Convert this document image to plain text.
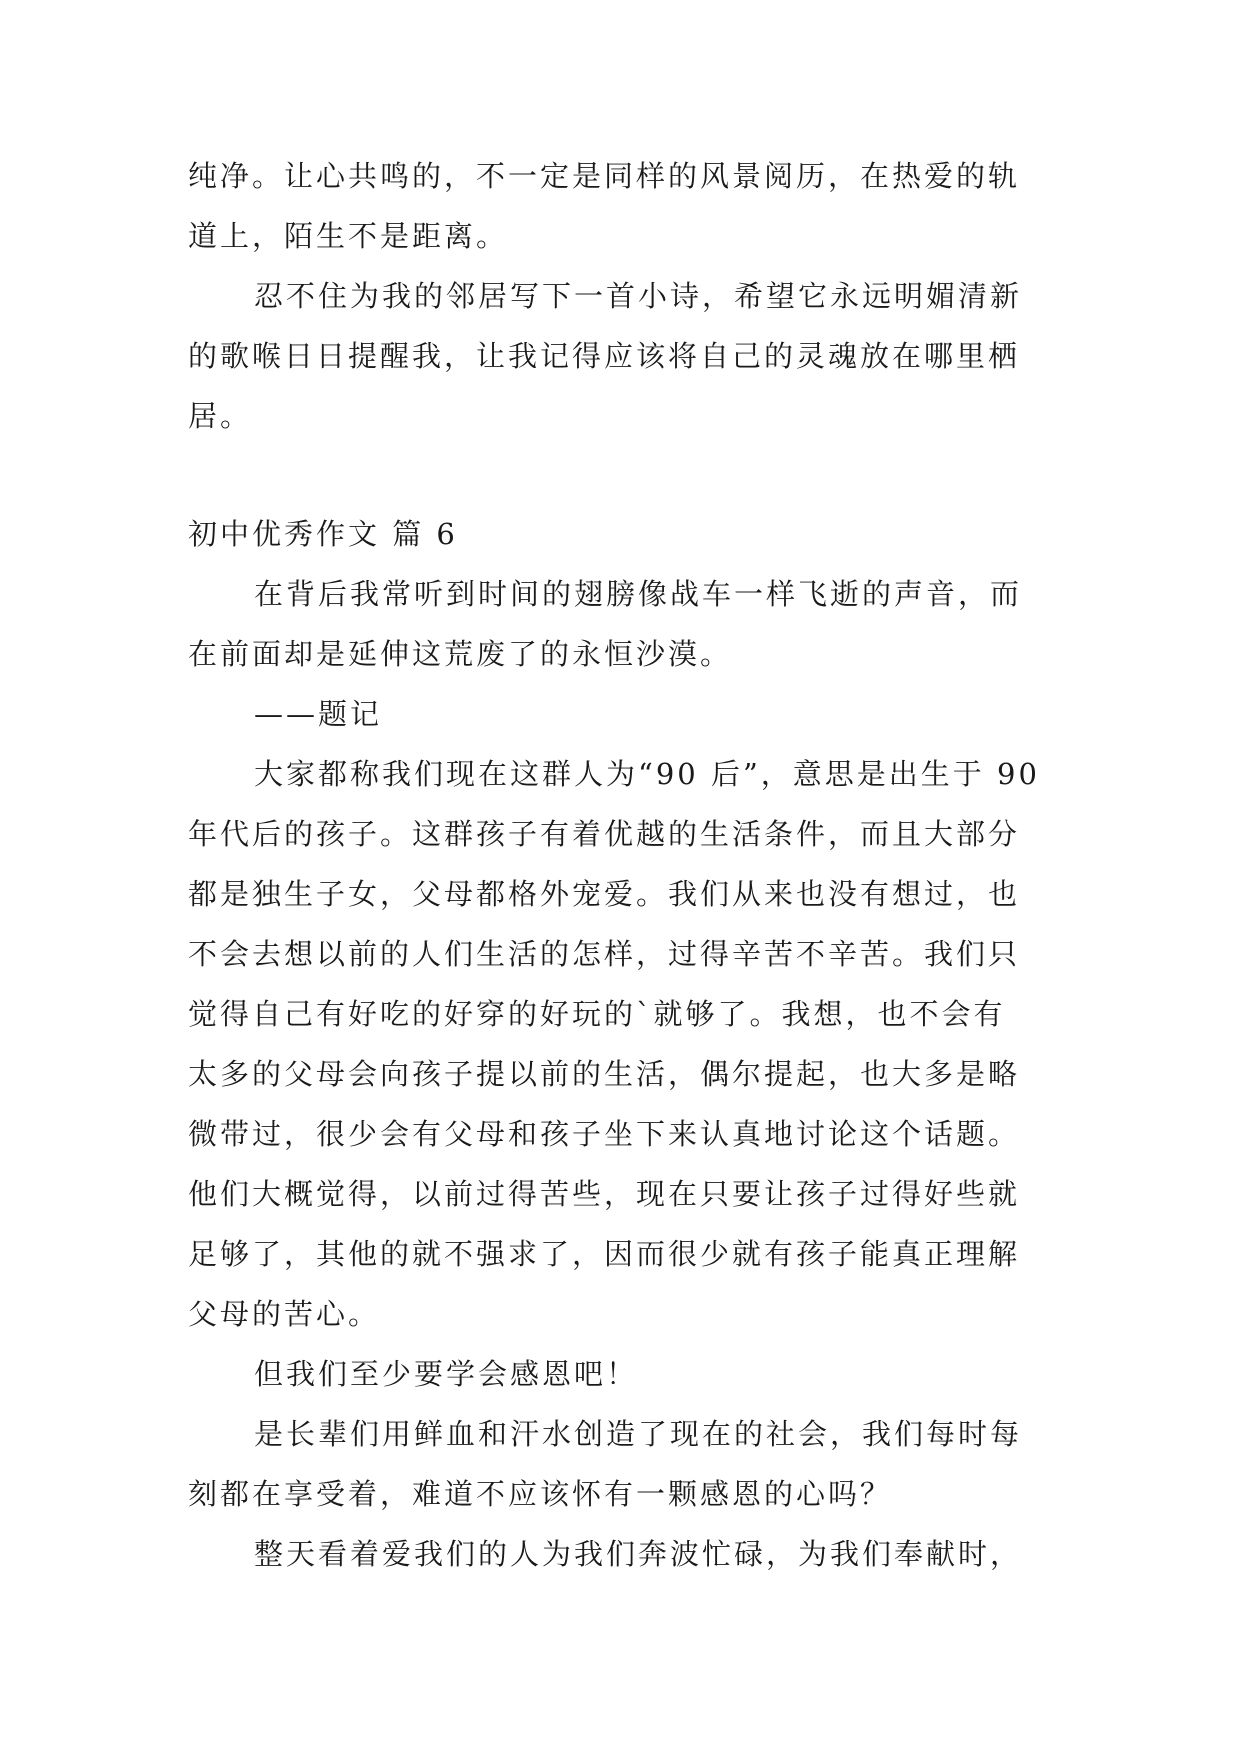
纯净。让心共鸣的，不一定是同样的风景阅历，在热爱的轨
道上，陌生不是距离。
忍不住为我的邻居写下一首小诗，希望它永远明媚清新
的歌喉日日提醒我，让我记得应该将自己的灵魂放在哪里栖
居。
初中优秀作文 篇 6
在背后我常听到时间的翅膀像战车一样飞逝的声音，而
在前面却是延伸这荒废了的永恒沙漠。
——题记
大家都称我们现在这群人为“90 后”，意思是出生于 90
年代后的孩子。这群孩子有着优越的生活条件，而且大部分
都是独生子女，父母都格外宠爱。我们从来也没有想过，也
不会去想以前的人们生活的怎样，过得辛苦不辛苦。我们只
觉得自己有好吃的好穿的好玩的`就够了。我想，也不会有
太多的父母会向孩子提以前的生活，偶尔提起，也大多是略
微带过，很少会有父母和孩子坐下来认真地讨论这个话题。
他们大概觉得，以前过得苦些，现在只要让孩子过得好些就
足够了，其他的就不强求了，因而很少就有孩子能真正理解
父母的苦心。
但我们至少要学会感恩吧！
是长辈们用鲜血和汗水创造了现在的社会，我们每时每
刻都在享受着，难道不应该怀有一颗感恩的心吗？
整天看着爱我们的人为我们奔波忙碌，为我们奉献时，
